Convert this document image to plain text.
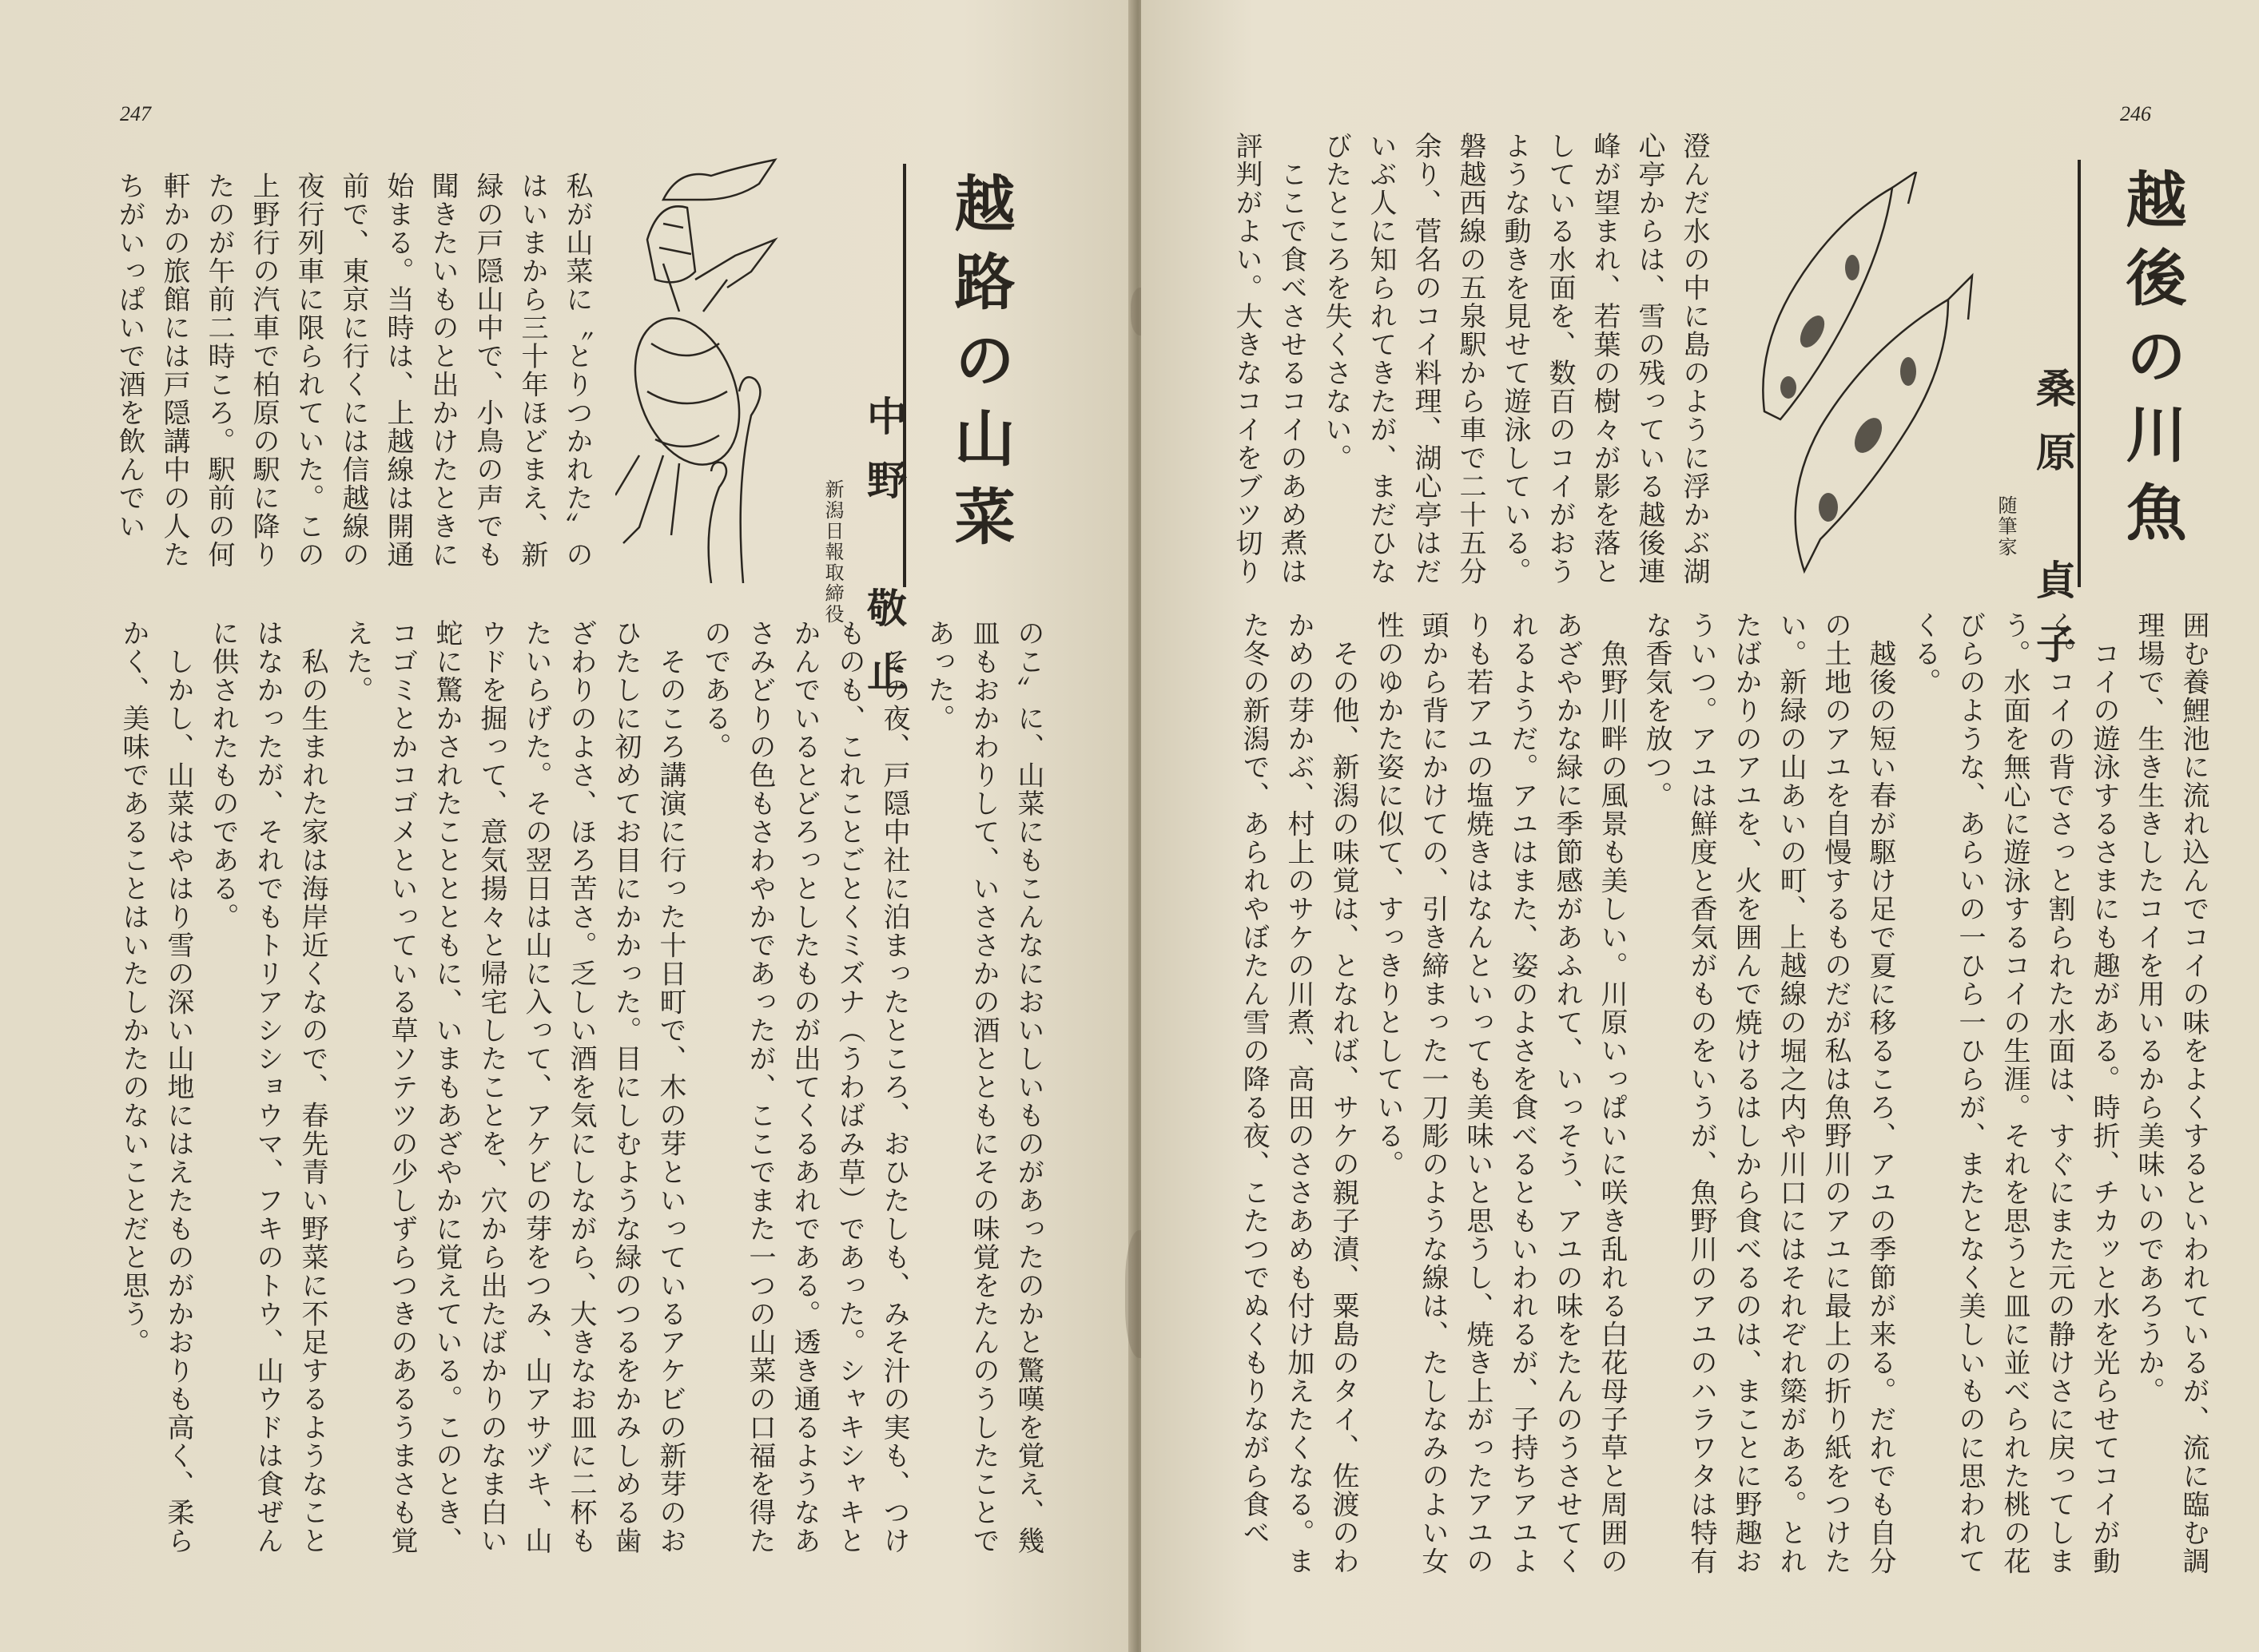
247
越路の山菜
中野　敬止
新潟日報取締役
私が山菜に〝とりつかれた〟のはいまから三十年ほどまえ、新緑の戸隠山中で、小鳥の声でも聞きたいものと出かけたときに始まる。当時は、上越線は開通前で、東京に行くには信越線の夜行列車に限られていた。この上野行の汽車で柏原の駅に降りたのが午前二時ころ。駅前の何軒かの旅館には戸隠講中の人たちがいっぱいで酒を飲んでい
のこ〟に、山菜にもこんなにおいしいものがあったのかと驚嘆を覚え、幾皿もおかわりして、いささかの酒とともにその味覚をたんのうしたことであった。
　その夜、戸隠中社に泊まったところ、おひたしも、みそ汁の実も、つけものも、これことごとくミズナ（うわばみ草）であった。シャキシャキとかんでいるとどろっとしたものが出てくるあれである。透き通るようなあさみどりの色もさわやかであったが、ここでまた一つの山菜の口福を得たのである。
　そのころ講演に行った十日町で、木の芽といっているアケビの新芽のおひたしに初めてお目にかかった。目にしむような緑のつるをかみしめる歯ざわりのよさ、ほろ苦さ。乏しい酒を気にしながら、大きなお皿に二杯もたいらげた。その翌日は山に入って、アケビの芽をつみ、山アサヅキ、山ウドを掘って、意気揚々と帰宅したことを、穴から出たばかりのなま白い蛇に驚かされたこととともに、いまもあざやかに覚えている。このとき、コゴミとかコゴメといっている草ソテツの少しずらつきのあるうまさも覚えた。
　私の生まれた家は海岸近くなので、春先青い野菜に不足するようなことはなかったが、それでもトリアシショウマ、フキのトウ、山ウドは食ぜんに供されたものである。
　しかし、山菜はやはり雪の深い山地にはえたものがかおりも高く、柔らかく、美味であることはいたしかたのないことだと思う。

246
越後の川魚
桑原　貞子
随筆家
澄んだ水の中に島のように浮かぶ湖心亭からは、雪の残っている越後連峰が望まれ、若葉の樹々が影を落としている水面を、数百のコイがおうような動きを見せて遊泳している。磐越西線の五泉駅から車で二十五分余り、菅名のコイ料理、湖心亭はだいぶ人に知られてきたが、まだひなびたところを失くさない。
　ここで食べさせるコイのあめ煮は評判がよい。大きなコイをブツ切り
囲む養鯉池に流れ込んでコイの味をよくするといわれているが、流に臨む調理場で、生き生きしたコイを用いるから美味いのであろうか。
　コイの遊泳するさまにも趣がある。時折、チカッと水を光らせてコイが動く。コイの背でさっと割られた水面は、すぐにまた元の静けさに戻ってしまう。水面を無心に遊泳するコイの生涯。それを思うと皿に並べられた桃の花びらのような、あらいの一ひら一ひらが、またとなく美しいものに思われてくる。
　越後の短い春が駆け足で夏に移るころ、アユの季節が来る。だれでも自分の土地のアユを自慢するものだが私は魚野川のアユに最上の折り紙をつけたい。新緑の山あいの町、上越線の堀之内や川口にはそれぞれ簗がある。とれたばかりのアユを、火を囲んで焼けるはしから食べるのは、まことに野趣おういつ。アユは鮮度と香気がものをいうが、魚野川のアユのハラワタは特有な香気を放つ。
　魚野川畔の風景も美しい。川原いっぱいに咲き乱れる白花母子草と周囲のあざやかな緑に季節感があふれて、いっそう、アユの味をたんのうさせてくれるようだ。アユはまた、姿のよさを食べるともいわれるが、子持ちアユよりも若アユの塩焼きはなんといっても美味いと思うし、焼き上がったアユの頭から背にかけての、引き締まった一刀彫のような線は、たしなみのよい女性のゆかた姿に似て、すっきりとしている。
　その他、新潟の味覚は、となれば、サケの親子漬、粟島のタイ、佐渡のわかめの芽かぶ、村上のサケの川煮、高田のささあめも付け加えたくなる。また冬の新潟で、あられやぼたん雪の降る夜、こたつでぬくもりながら食べ
